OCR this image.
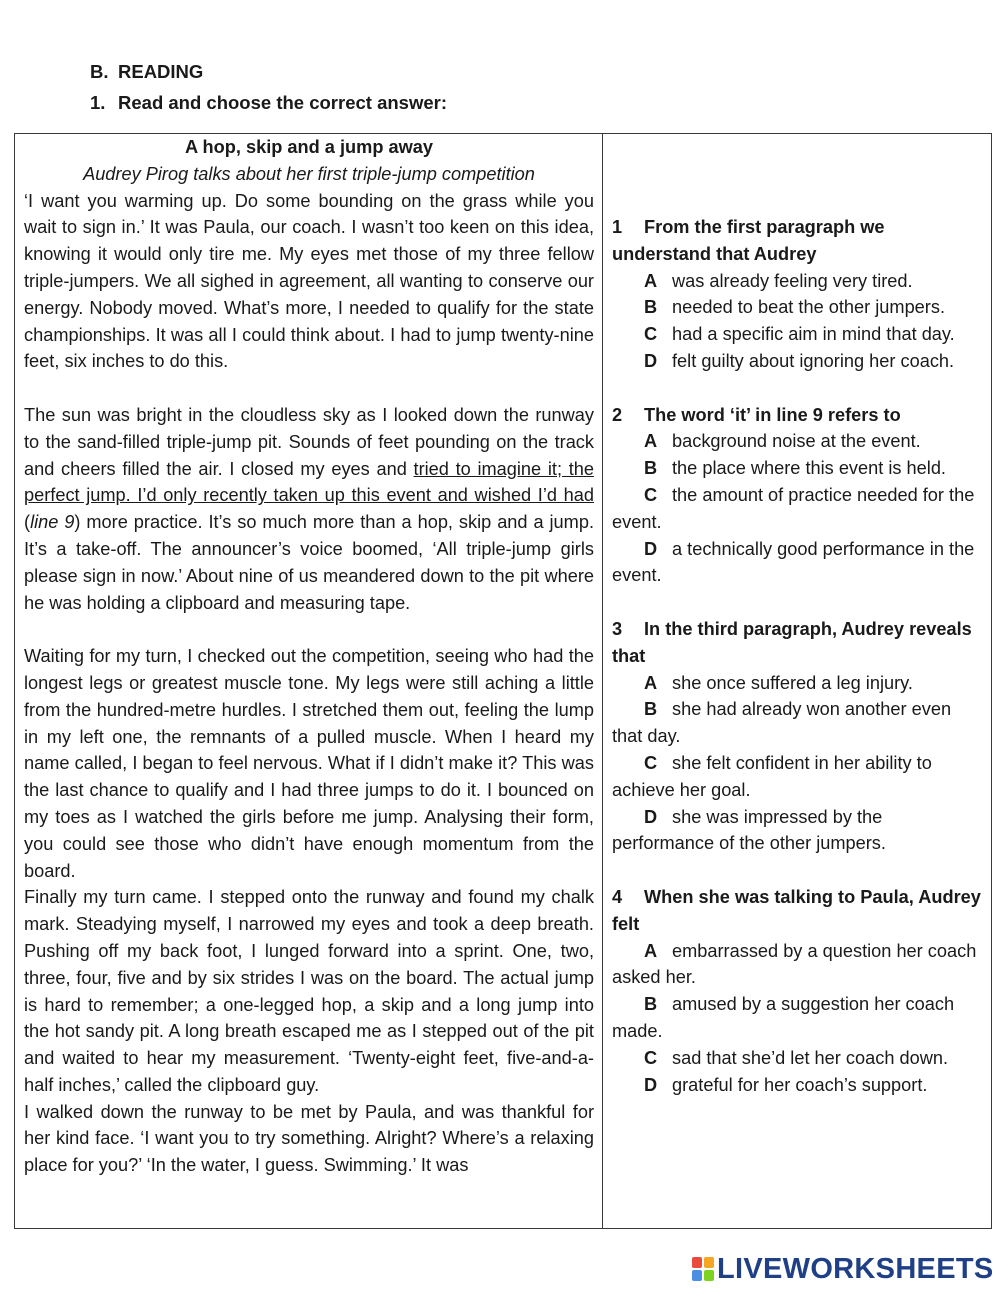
B. READING
1. Read and choose the correct answer:
A hop, skip and a jump away
Audrey Pirog talks about her first triple-jump competition

‘I want you warming up. Do some bounding on the grass while you wait to sign in.’ It was Paula, our coach. I wasn’t too keen on this idea, knowing it would only tire me. My eyes met those of my three fellow triple-jumpers. We all sighed in agreement, all wanting to conserve our energy. Nobody moved. What’s more, I needed to qualify for the state championships. It was all I could think about. I had to jump twenty-nine feet, six inches to do this.

The sun was bright in the cloudless sky as I looked down the runway to the sand-filled triple-jump pit. Sounds of feet pounding on the track and cheers filled the air. I closed my eyes and tried to imagine it; the perfect jump. I’d only recently taken up this event and wished I’d had (line 9) more practice. It’s so much more than a hop, skip and a jump. It’s a take-off. The announcer’s voice boomed, ‘All triple-jump girls please sign in now.’ About nine of us meandered down to the pit where he was holding a clipboard and measuring tape.

Waiting for my turn, I checked out the competition, seeing who had the longest legs or greatest muscle tone. My legs were still aching a little from the hundred-metre hurdles. I stretched them out, feeling the lump in my left one, the remnants of a pulled muscle. When I heard my name called, I began to feel nervous. What if I didn’t make it? This was the last chance to qualify and I had three jumps to do it. I bounced on my toes as I watched the girls before me jump. Analysing their form, you could see those who didn’t have enough momentum from the board.

Finally my turn came. I stepped onto the runway and found my chalk mark. Steadying myself, I narrowed my eyes and took a deep breath. Pushing off my back foot, I lunged forward into a sprint. One, two, three, four, five and by six strides I was on the board. The actual jump is hard to remember; a one-legged hop, a skip and a long jump into the hot sandy pit. A long breath escaped me as I stepped out of the pit and waited to hear my measurement. ‘Twenty-eight feet, five-and-a-half inches,’ called the clipboard guy.

I walked down the runway to be met by Paula, and was thankful for her kind face. ‘I want you to try something. Alright? Where’s a relaxing place for you?’ ‘In the water, I guess. Swimming.’ It was

1 From the first paragraph we understand that Audrey
A was already feeling very tired.
B needed to beat the other jumpers.
C had a specific aim in mind that day.
D felt guilty about ignoring her coach.
2 The word ‘it’ in line 9 refers to
A background noise at the event.
B the place where this event is held.
C the amount of practice needed for the event.
D a technically good performance in the event.
3 In the third paragraph, Audrey reveals that
A she once suffered a leg injury.
B she had already won another even that day.
C she felt confident in her ability to achieve her goal.
D she was impressed by the performance of the other jumpers.
4 When she was talking to Paula, Audrey felt
A embarrassed by a question her coach asked her.
B amused by a suggestion her coach made.
C sad that she’d let her coach down.
D grateful for her coach’s support.
LIVEWORKSHEETS
